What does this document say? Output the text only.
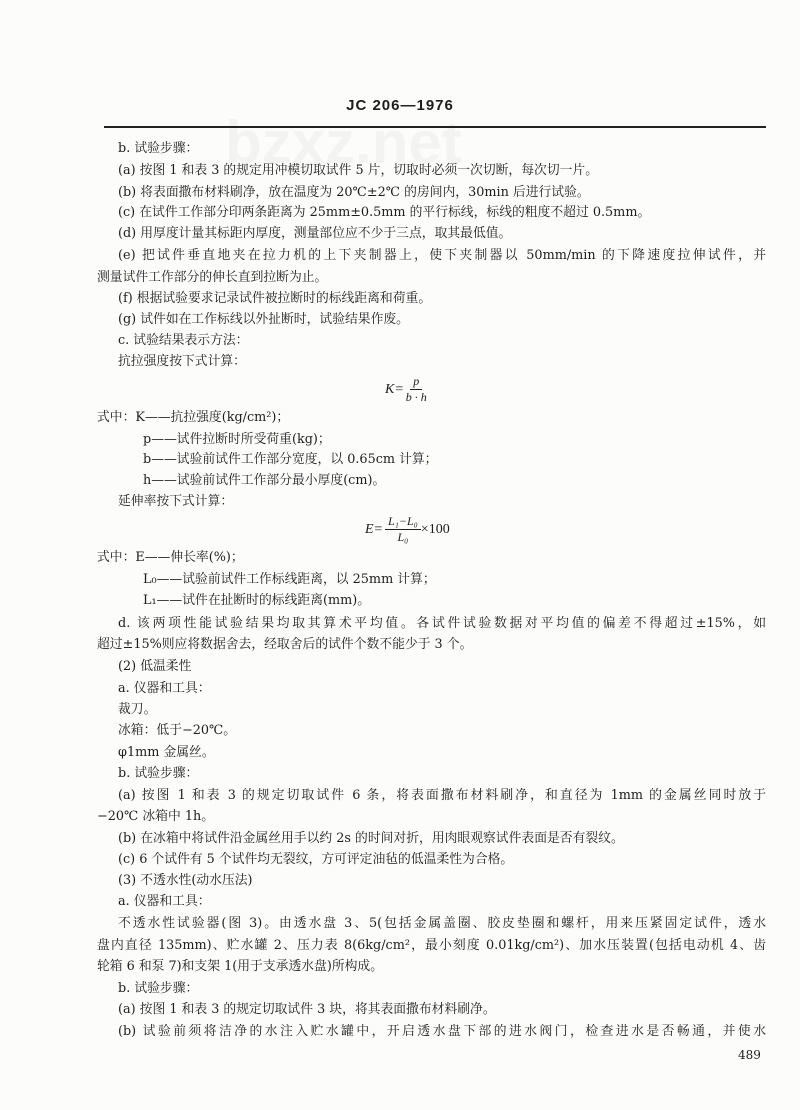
JC 206—1976
b. 试验步骤：
(a) 按图 1 和表 3 的规定用冲模切取试件 5 片，切取时必须一次切断，每次切一片。
(b) 将表面撒布材料刷净，放在温度为 20℃±2℃ 的房间内，30min 后进行试验。
(c) 在试件工作部分印两条距离为 25mm±0.5mm 的平行标线，标线的粗度不超过 0.5mm。
(d) 用厚度计量其标距内厚度，测量部位应不少于三点，取其最低值。
(e) 把试件垂直地夹在拉力机的上下夹制器上，使下夹制器以 50mm/min 的下降速度拉伸试件，并
测量试件工作部分的伸长直到拉断为止。
(f) 根据试验要求记录试件被拉断时的标线距离和荷重。
(g) 试件如在工作标线以外扯断时，试验结果作废。
c. 试验结果表示方法：
抗拉强度按下式计算：
$K= \frac{p}{b \cdot h}$
式中：K——抗拉强度(kg/cm²)；
p——试件拉断时所受荷重(kg)；
b——试验前试件工作部分宽度，以 0.65cm 计算；
h——试验前试件工作部分最小厚度(cm)。
延伸率按下式计算：
$E= \frac{\text{L₁−L₀}}{\text{L₀}} \times 100$
式中：E——伸长率(%)；
L₀——试验前试件工作标线距离，以 25mm 计算；
L₁——试件在扯断时的标线距离(mm)。
d. 该两项性能试验结果均取其算术平均值。各试件试验数据对平均值的偏差不得超过±15%，如
超过±15%则应将数据舍去，经取舍后的试件个数不能少于 3 个。
(2) 低温柔性
a. 仪器和工具：
裁刀。
冰箱：低于−20℃。
φ1mm 金属丝。
b. 试验步骤：
(a) 按图 1 和表 3 的规定切取试件 6 条，将表面撒布材料刷净，和直径为 1mm 的金属丝同时放于
−20℃ 冰箱中 1h。
(b) 在冰箱中将试件沿金属丝用手以约 2s 的时间对折，用肉眼观察试件表面是否有裂纹。
(c) 6 个试件有 5 个试件均无裂纹，方可评定油毡的低温柔性为合格。
(3) 不透水性(动水压法)
a. 仪器和工具：
不透水性试验器(图 3)。由透水盘 3、5(包括金属盖圈、胶皮垫圈和螺杆，用来压紧固定试件，透水
盘内直径 135mm)、贮水罐 2、压力表 8(6kg/cm²，最小刻度 0.01kg/cm²)、加水压装置(包括电动机 4、齿
轮箱 6 和泵 7)和支架 1(用于支承透水盘)所构成。
b. 试验步骤：
(a) 按图 1 和表 3 的规定切取试件 3 块，将其表面撒布材料刷净。
(b) 试验前须将洁净的水注入贮水罐中，开启透水盘下部的进水阀门，检查进水是否畅通，并使水
489
